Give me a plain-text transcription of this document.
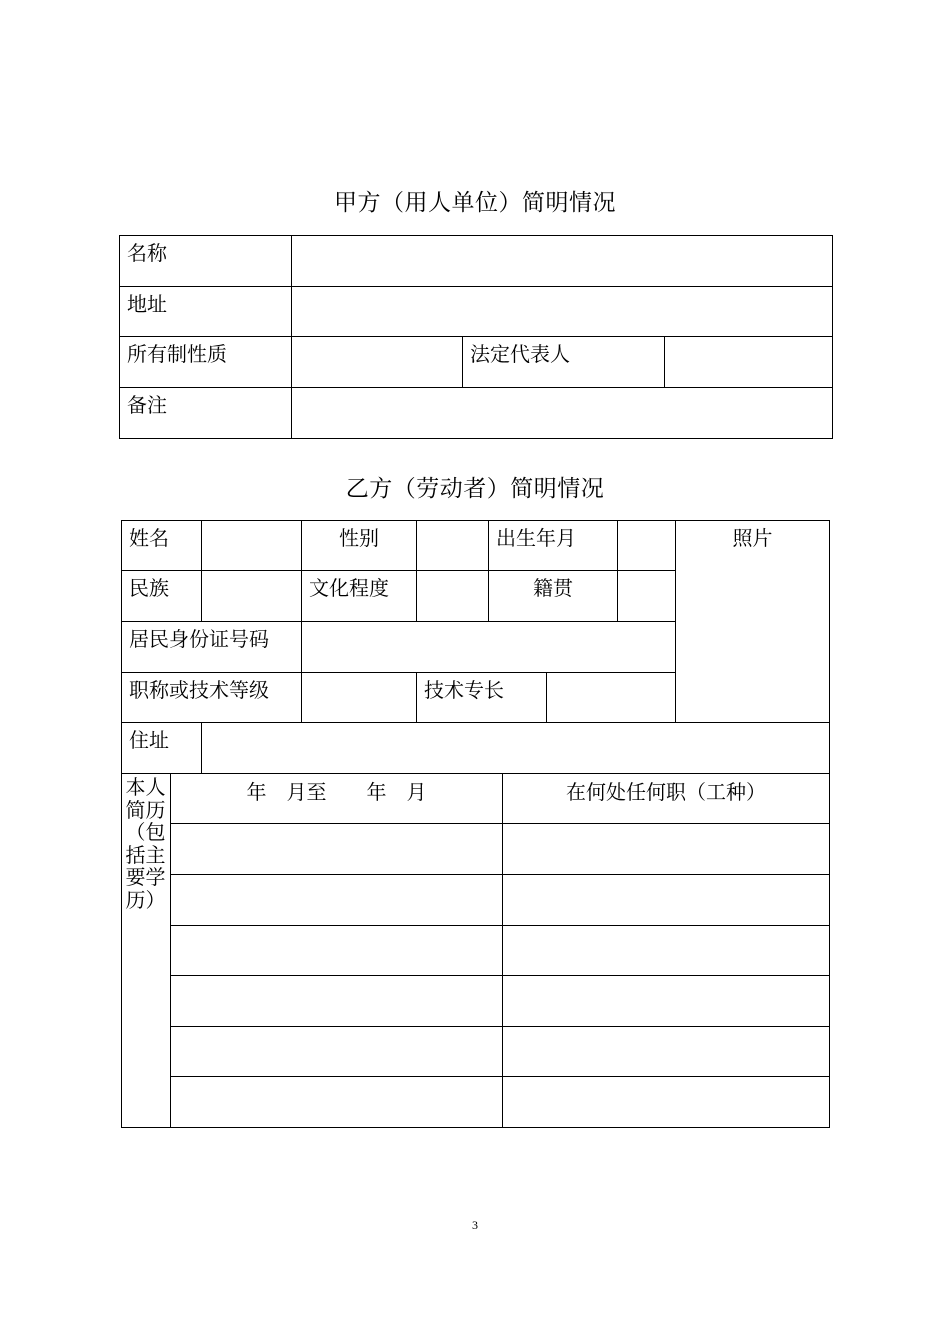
甲方（用人单位）简明情况
名称
地址
所有制性质	法定代表人
备注
乙方（劳动者）简明情况
姓名	性别	出生年月	照片
民族	文化程度	籍贯
居民身份证号码
职称或技术等级	技术专长
住址
本人简历（包括主要学历）
年　月至　　年　月	在何处任何职（工种）
3
